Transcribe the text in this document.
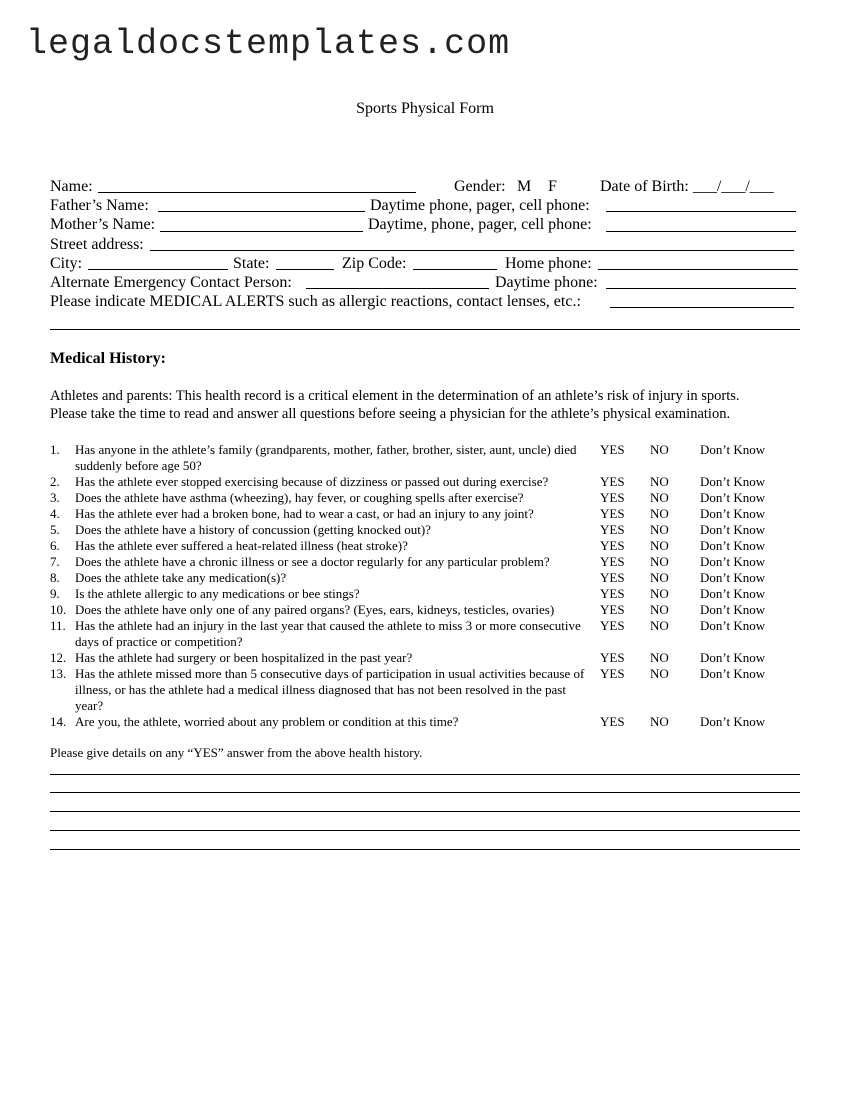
legaldocstemplates.com
Sports Physical Form
Name:	Gender: M F	Date of Birth: ___/___/___
Father’s Name:	Daytime phone, pager, cell phone:
Mother’s Name:	Daytime, phone, pager, cell phone:
Street address:
City:	State:	Zip Code:	Home phone:
Alternate Emergency Contact Person:	Daytime phone:
Please indicate MEDICAL ALERTS such as allergic reactions, contact lenses, etc.:
Medical History:
Athletes and parents: This health record is a critical element in the determination of an athlete’s risk of injury in sports.
Please take the time to read and answer all questions before seeing a physician for the athlete’s physical examination.
1. Has anyone in the athlete’s family (grandparents, mother, father, brother, sister, aunt, uncle) died suddenly before age 50?
YES NO Don’t Know
2. Has the athlete ever stopped exercising because of dizziness or passed out during exercise?	YES NO Don’t Know
3. Does the athlete have asthma (wheezing), hay fever, or coughing spells after exercise?	YES NO Don’t Know
4. Has the athlete ever had a broken bone, had to wear a cast, or had an injury to any joint?	YES NO Don’t Know
5. Does the athlete have a history of concussion (getting knocked out)?	YES NO Don’t Know
6. Has the athlete ever suffered a heat-related illness (heat stroke)?	YES NO Don’t Know
7. Does the athlete have a chronic illness or see a doctor regularly for any particular problem?	YES NO Don’t Know
8. Does the athlete take any medication(s)?	YES NO Don’t Know
9. Is the athlete allergic to any medications or bee stings?	YES NO Don’t Know
10. Does the athlete have only one of any paired organs? (Eyes, ears, kidneys, testicles, ovaries)	YES NO Don’t Know
11. Has the athlete had an injury in the last year that caused the athlete to miss 3 or more consecutive days of practice or competition?
YES NO Don’t Know
12. Has the athlete had surgery or been hospitalized in the past year?	YES NO Don’t Know
13. Has the athlete missed more than 5 consecutive days of participation in usual activities because of illness, or has the athlete had a medical illness diagnosed that has not been resolved in the past year?
YES NO Don’t Know
14. Are you, the athlete, worried about any problem or condition at this time?	YES NO Don’t Know
Please give details on any “YES” answer from the above health history.
